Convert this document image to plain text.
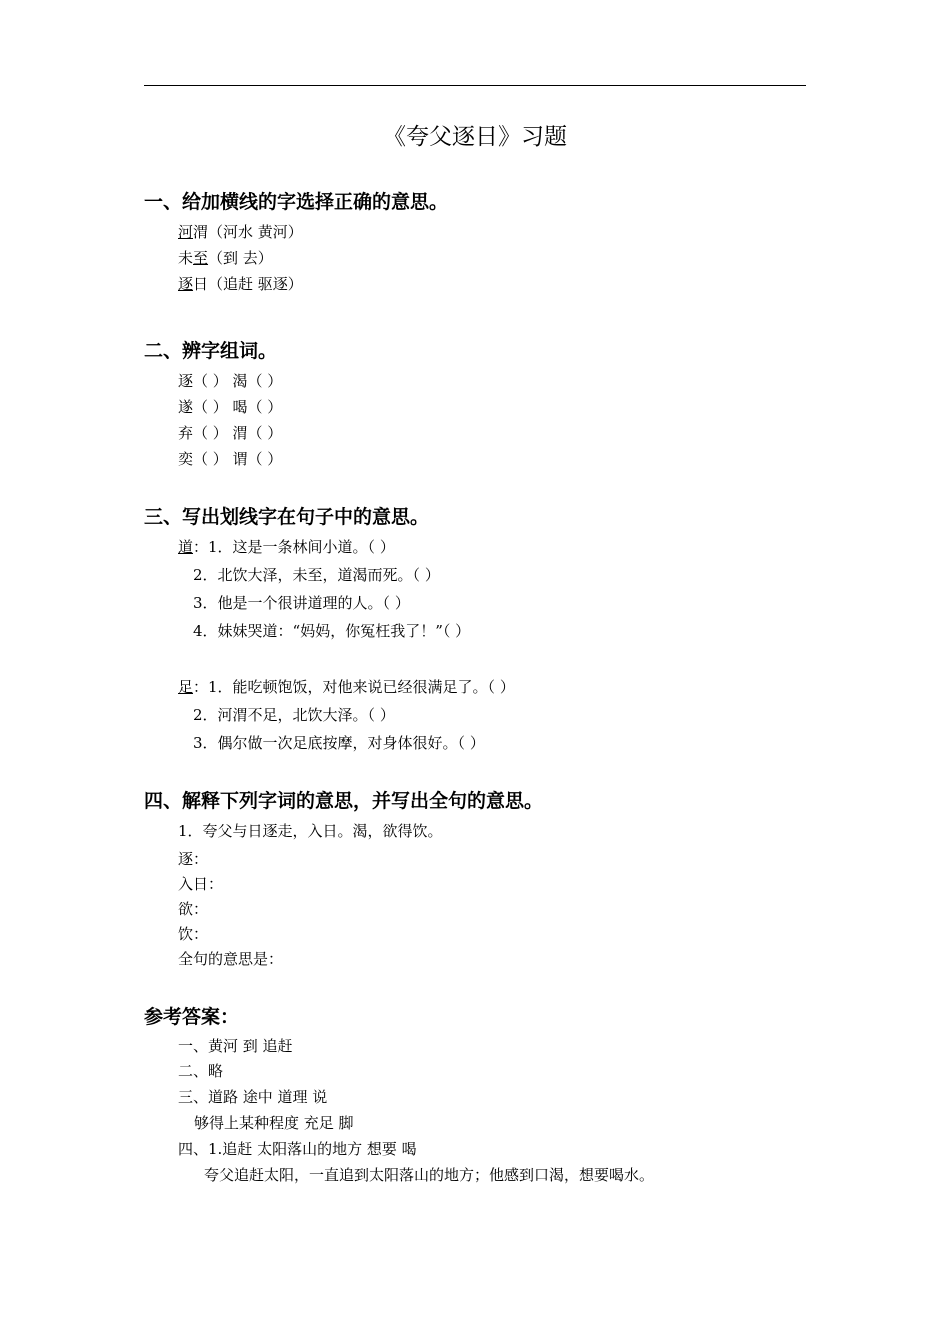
《夸父逐日》习题
一、给加横线的字选择正确的意思。
河渭（河水 黄河）
未至（到 去）
逐日（追赶 驱逐）
二、辨字组词。
逐（ ） 渴（ ）
遂（ ） 喝（ ）
弃（ ） 渭（ ）
奕（ ） 谓（ ）
三、写出划线字在句子中的意思。
道：1．这是一条林间小道。（ ）
2．北饮大泽，未至，道渴而死。（ ）
3．他是一个很讲道理的人。（ ）
4．妹妹哭道：“妈妈，你冤枉我了！”（ ）
足：1．能吃顿饱饭，对他来说已经很满足了。（ ）
2．河渭不足，北饮大泽。（ ）
3．偶尔做一次足底按摩，对身体很好。（ ）
四、解释下列字词的意思，并写出全句的意思。
1．夸父与日逐走，入日。渴，欲得饮。
逐：
入日：
欲：
饮：
全句的意思是：
参考答案：
一、黄河 到 追赶
二、略
三、道路 途中 道理 说
够得上某种程度 充足 脚
四、1.追赶 太阳落山的地方 想要 喝
夸父追赶太阳，一直追到太阳落山的地方；他感到口渴，想要喝水。
